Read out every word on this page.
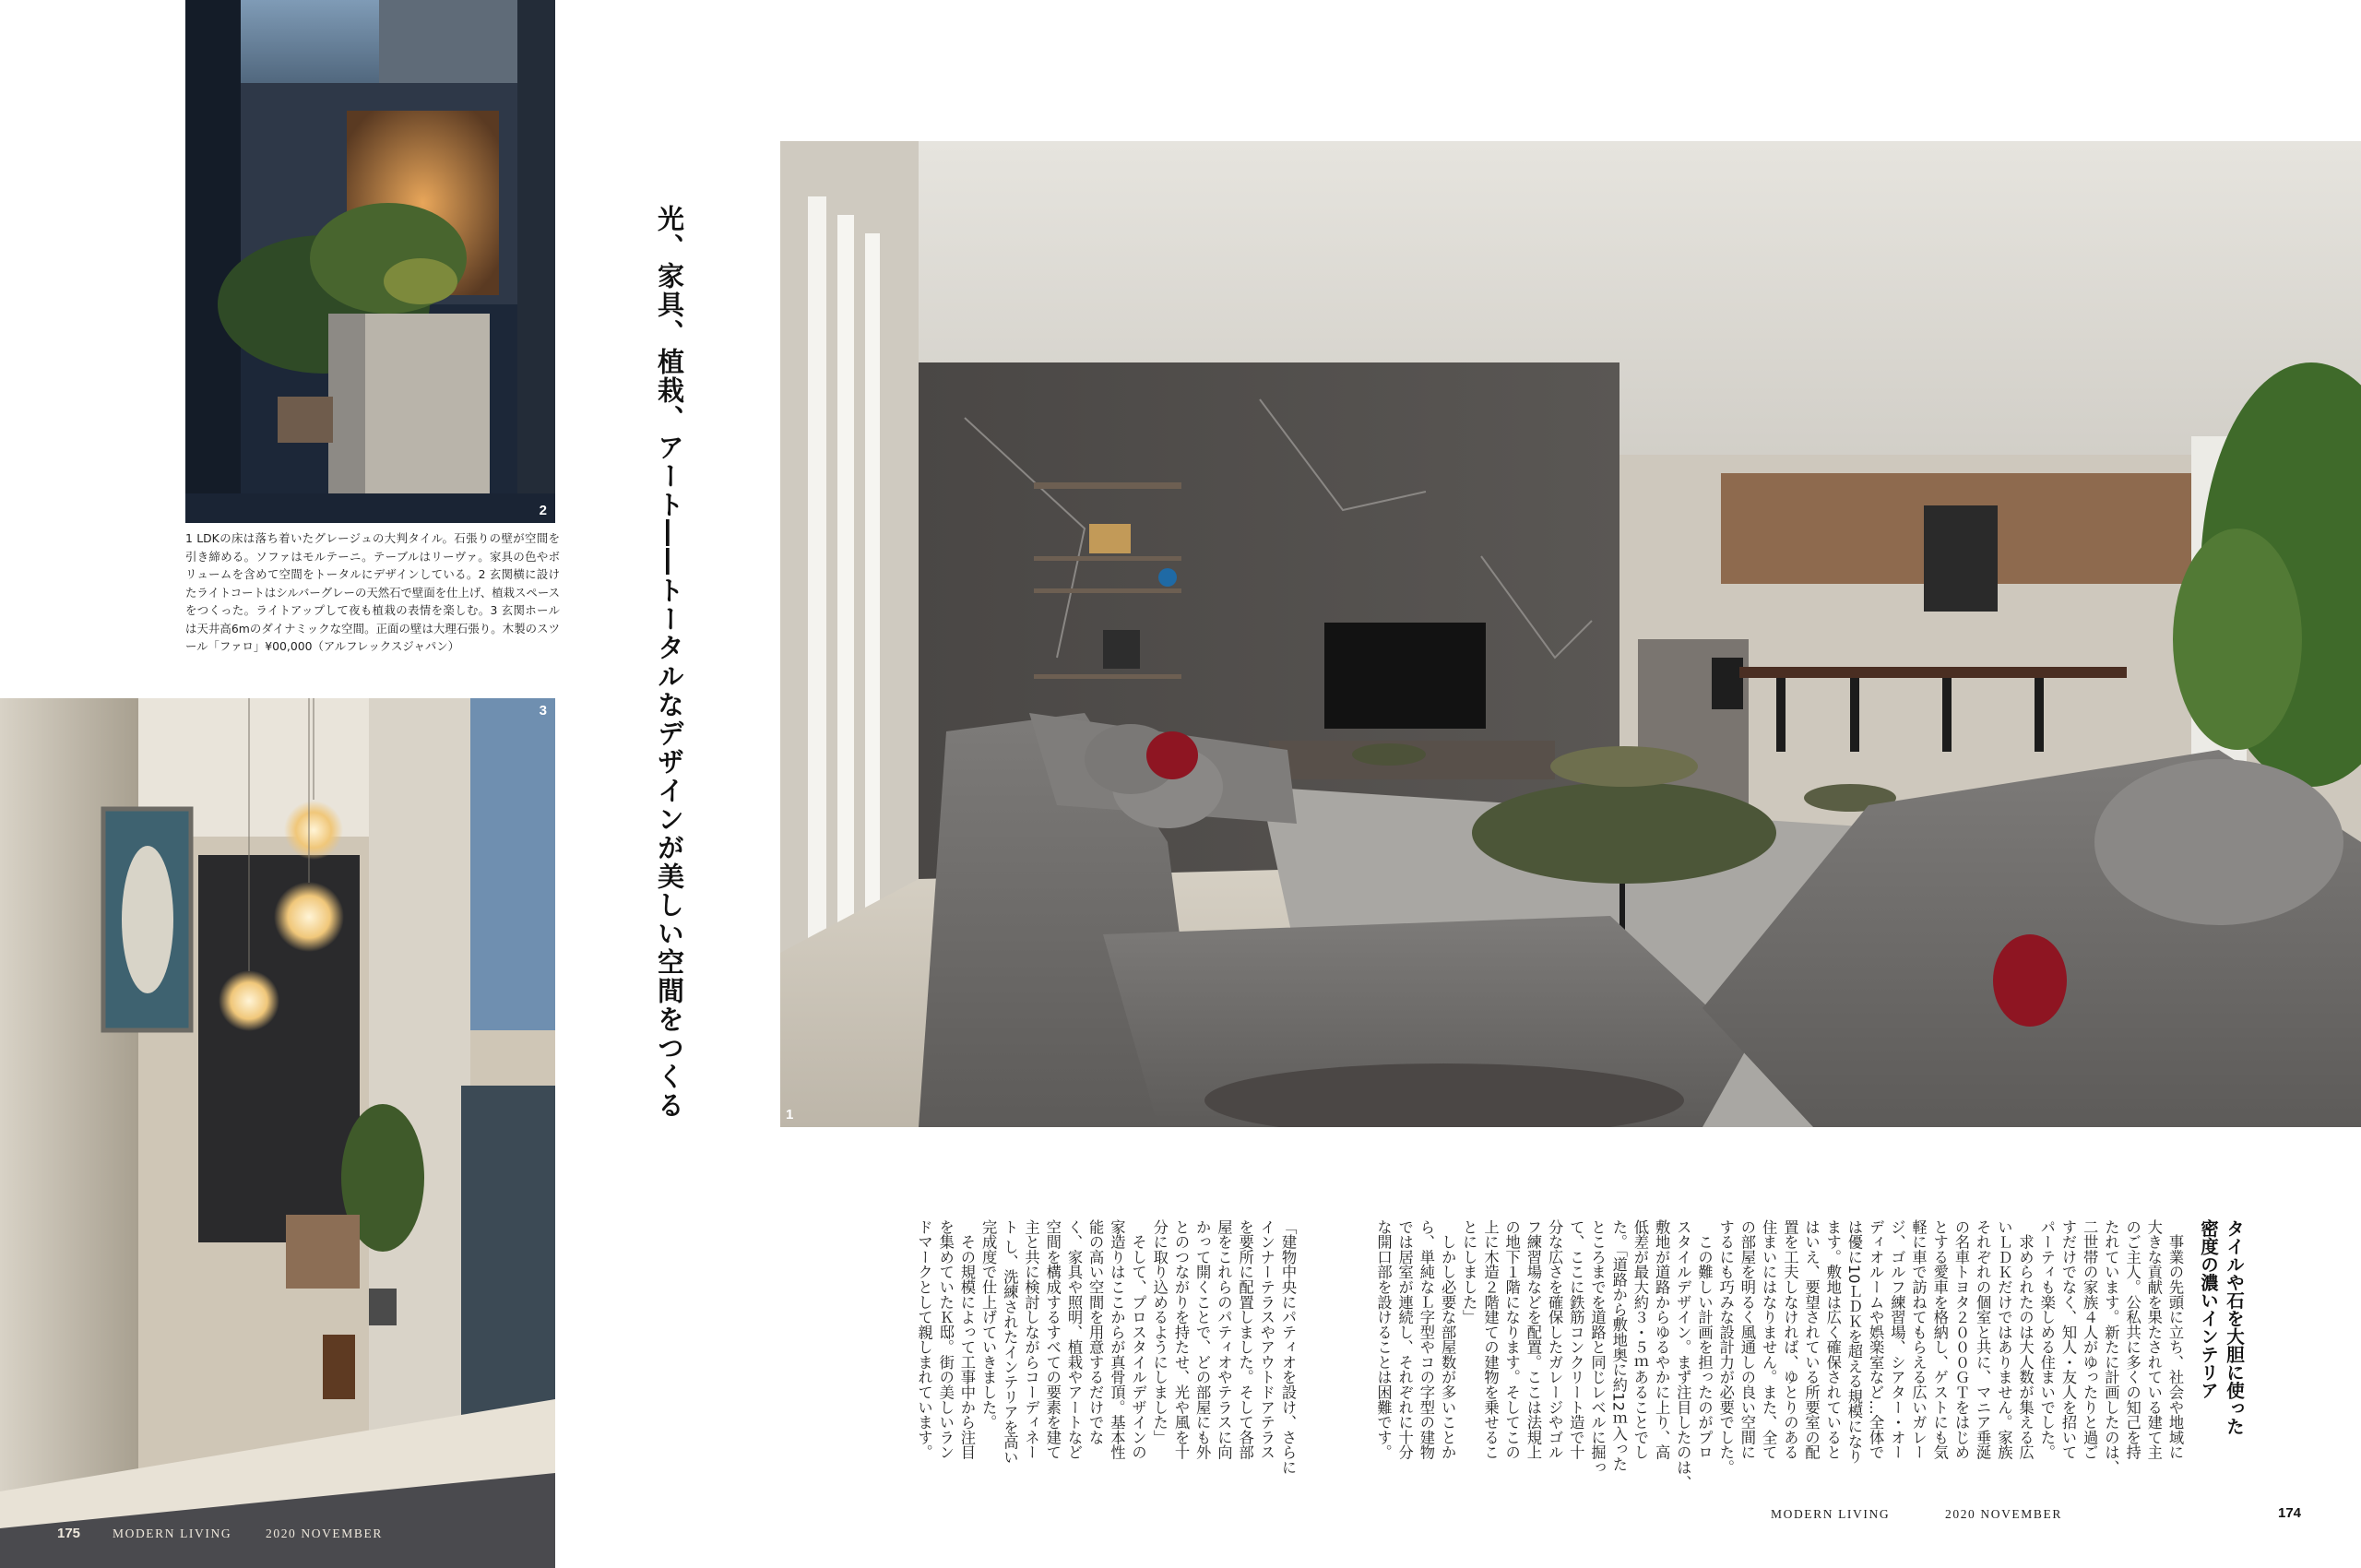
2
1 LDKの床は落ち着いたグレージュの大判タイル。石張りの壁が空間を引き締める。ソファはモルテーニ。テーブルはリーヴァ。家具の色やボリュームを含めて空間をトータルにデザインしている。2 玄関横に設けたライトコートはシルバーグレーの天然石で壁面を仕上げ、植栽スペースをつくった。ライトアップして夜も植栽の表情を楽しむ。3 玄関ホールは天井高6mのダイナミックな空間。正面の壁は大理石張り。木製のスツール「ファロ」¥00,000（アルフレックスジャパン）
3
175	MODERN LIVING	2020 NOVEMBER
光、家具、植栽、アート――トータルなデザインが美しい空間をつくる	1
「建物中央にパティオを設け、さらに
インナーテラスやアウトドアテラス
を要所に配置しました。そして各部
屋をこれらのパティオやテラスに向
かって開くことで、どの部屋にも外
とのつながりを持たせ、光や風を十
分に取り込めるようにしました」
　そして、プロスタイルデザインの
家造りはここからが真骨頂。基本性
能の高い空間を用意するだけでな
く、家具や照明、植栽やアートなど
空間を構成するすべての要素を建て
主と共に検討しながらコーディネー
ト し、洗練されたインテリアを高い
完成度で仕上げていきました。
　その規模によって工事中から注目
を集めていたＫ邸。街の美しいラン
ドマークとして親しまれています。	タイルや石を大胆に使った
密度の濃いインテリア
　事業の先頭に立ち、社会や地域に
大きな貢献を果たされている建て主
のご主人。公私共に多くの知己を持
たれています。新たに計画したのは、
二世帯の家族４人がゆったりと過ご
すだけでなく、知人・友人を招いて
パーティも楽しめる住まいでした。
　求められたのは大人数が集える広
いＬＤＫだけではありません。家族
それぞれの個室と共に、マニア垂涎
の名車トヨタ２０００ＧＴをはじめ
とする愛車を格納し、ゲストにも気
軽に車で訪ねてもらえる広いガレー
ジ、ゴルフ練習場、シアター・オー
ディオルームや娯楽室など…全体で
は優に10ＬＤＫを超える規模になり
ます。敷地は広く確保されていると
はいえ、要望されている所要室の配
置を工夫しなければ、ゆとりのある
住まいにはなりません。また、全て
の部屋を明るく風通しの良い空間に
するにも巧みな設計力が必要でした。
　この難しい計画を担ったのがプロ
スタイルデザイン。まず注目したのは、
敷地が道路からゆるやかに上り、高
低差が最大約３・５ｍあることでし
た。「道路から敷地奥に約12ｍ入った
ところまでを道路と同じレベルに掘っ
て、ここに鉄筋コンクリート造で十
分な広さを確保したガレージやゴル
フ練習場などを配置。ここは法規上
の地下１階になります。そしてこの
上に木造２階建ての建物を乗せるこ
とにしました」
　しかし必要な部屋数が多いことか
ら、単純なＬ字型やコの字型の建物
では居室が連続し、それぞれに十分
な開口部を設けることは困難です。
MODERN LIVING	2020 NOVEMBER	174
